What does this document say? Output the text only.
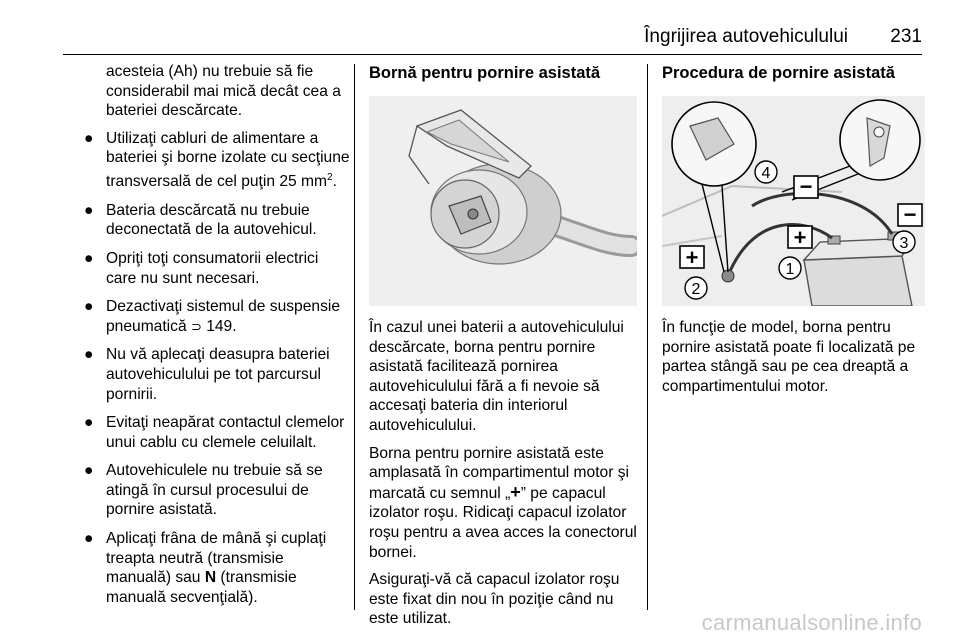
Îngrijirea autovehiculului 231

acesteia (Ah) nu trebuie să fie considerabil mai mică decât cea a bateriei descărcate.

● Utilizaţi cabluri de alimentare a bateriei şi borne izolate cu secţiune transversală de cel puţin 25 $mm^2$.
● Bateria descărcată nu trebuie deconectată de la autovehicul.
● Opriţi toţi consumatorii electrici care nu sunt necesari.
● Dezactivaţi sistemul de suspensie pneumatică ⊃ 149.
● Nu vă aplecaţi deasupra bateriei autovehiculului pe tot parcursul pornirii.
● Evitaţi neapărat contactul clemelor unui cablu cu clemele celuilalt.
● Autovehiculele nu trebuie să se atingă în cursul procesului de pornire asistată.
● Aplicaţi frâna de mână şi cuplaţi treapta neutră (transmisie manuală) sau N (transmisie manuală secvenţială).
Bornă pentru pornire asistată

În cazul unei baterii a autovehiculului descărcate, borna pentru pornire asistată facilitează pornirea autovehiculului fără a fi nevoie să accesaţi bateria din interiorul autovehiculului.

Borna pentru pornire asistată este amplasată în compartimentul motor şi marcată cu semnul „+” pe capacul izolator roşu. Ridicaţi capacul izolator roşu pentru a avea acces la conectorul bornei.

Asiguraţi-vă că capacul izolator roşu este fixat din nou în poziţie când nu este utilizat.

Procedura de pornire asistată
+
+
−
−
1
2
3
4

În funcţie de model, borna pentru pornire asistată poate fi localizată pe partea stângă sau pe cea dreaptă a compartimentului motor.

carmanualsonline.info
